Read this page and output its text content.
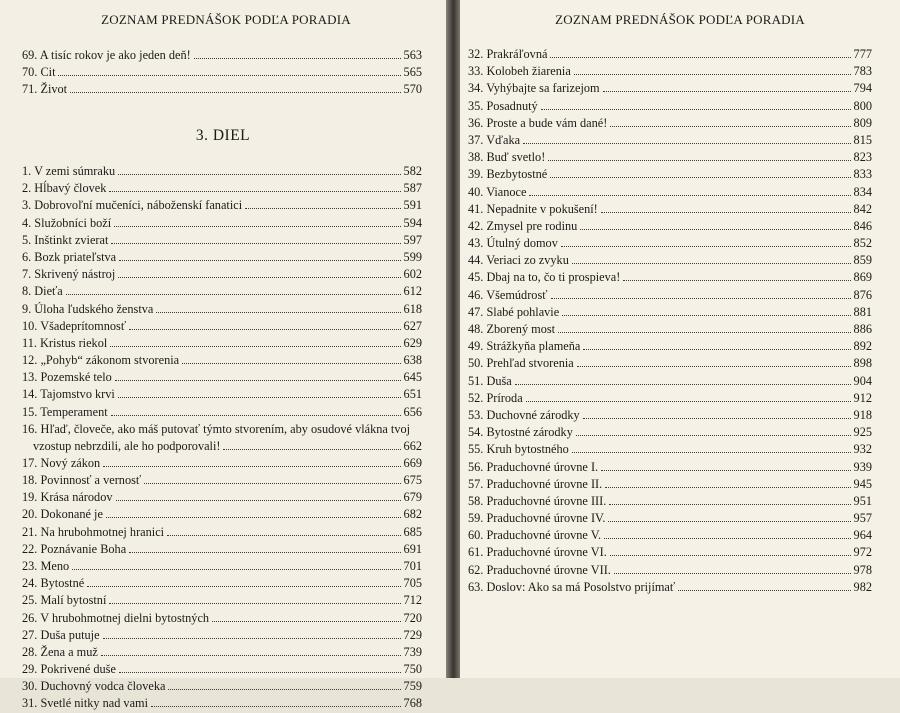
ZOZNAM PREDNÁŠOK PODĽA PORADIA
69. A tisíc rokov je ako jeden deň!	563
70. Cit	565
71. Život	570
3. DIEL
1. V zemi súmraku	582
2. Hĺbavý človek	587
3. Dobrovoľní mučeníci, náboženskí fanatici	591
4. Služobníci boží	594
5. Inštinkt zvierat	597
6. Bozk priateľstva	599
7. Skrivený nástroj	602
8. Dieťa	612
9. Úloha ľudského ženstva	618
10. Všadeprítomnosť	627
11. Kristus riekol	629
12. „Pohyb“ zákonom stvorenia	638
13. Pozemské telo	645
14. Tajomstvo krvi	651
15. Temperament	656
16. Hľaď, človeče, ako máš putovať týmto stvorením, aby osudové vlákna tvoj
vzostup nebrzdili, ale ho podporovali!	662
17. Nový zákon	669
18. Povinnosť a vernosť	675
19. Krása národov	679
20. Dokonané je	682
21. Na hrubohmotnej hranici	685
22. Poznávanie Boha	691
23. Meno	701
24. Bytostné	705
25. Malí bytostní	712
26. V hrubohmotnej dielni bytostných	720
27. Duša putuje	729
28. Žena a muž	739
29. Pokrivené duše	750
30. Duchovný vodca človeka	759
31. Svetlé nitky nad vami	768
ZOZNAM PREDNÁŠOK PODĽA PORADIA
32. Prakráľovná	777
33. Kolobeh žiarenia	783
34. Vyhýbajte sa farizejom	794
35. Posadnutý	800
36. Proste a bude vám dané!	809
37. Vďaka	815
38. Buď svetlo!	823
39. Bezbytostné	833
40. Vianoce	834
41. Nepadnite v pokušení!	842
42. Zmysel pre rodinu	846
43. Útulný domov	852
44. Veriaci zo zvyku	859
45. Dbaj na to, čo ti prospieva!	869
46. Všemúdrosť	876
47. Slabé pohlavie	881
48. Zborený most	886
49. Strážkyňa plameňa	892
50. Prehľad stvorenia	898
51. Duša	904
52. Príroda	912
53. Duchovné zárodky	918
54. Bytostné zárodky	925
55. Kruh bytostného	932
56. Praduchovné úrovne I.	939
57. Praduchovné úrovne II.	945
58. Praduchovné úrovne III.	951
59. Praduchovné úrovne IV.	957
60. Praduchovné úrovne V.	964
61. Praduchovné úrovne VI.	972
62. Praduchovné úrovne VII.	978
63. Doslov: Ako sa má Posolstvo prijímať	982
